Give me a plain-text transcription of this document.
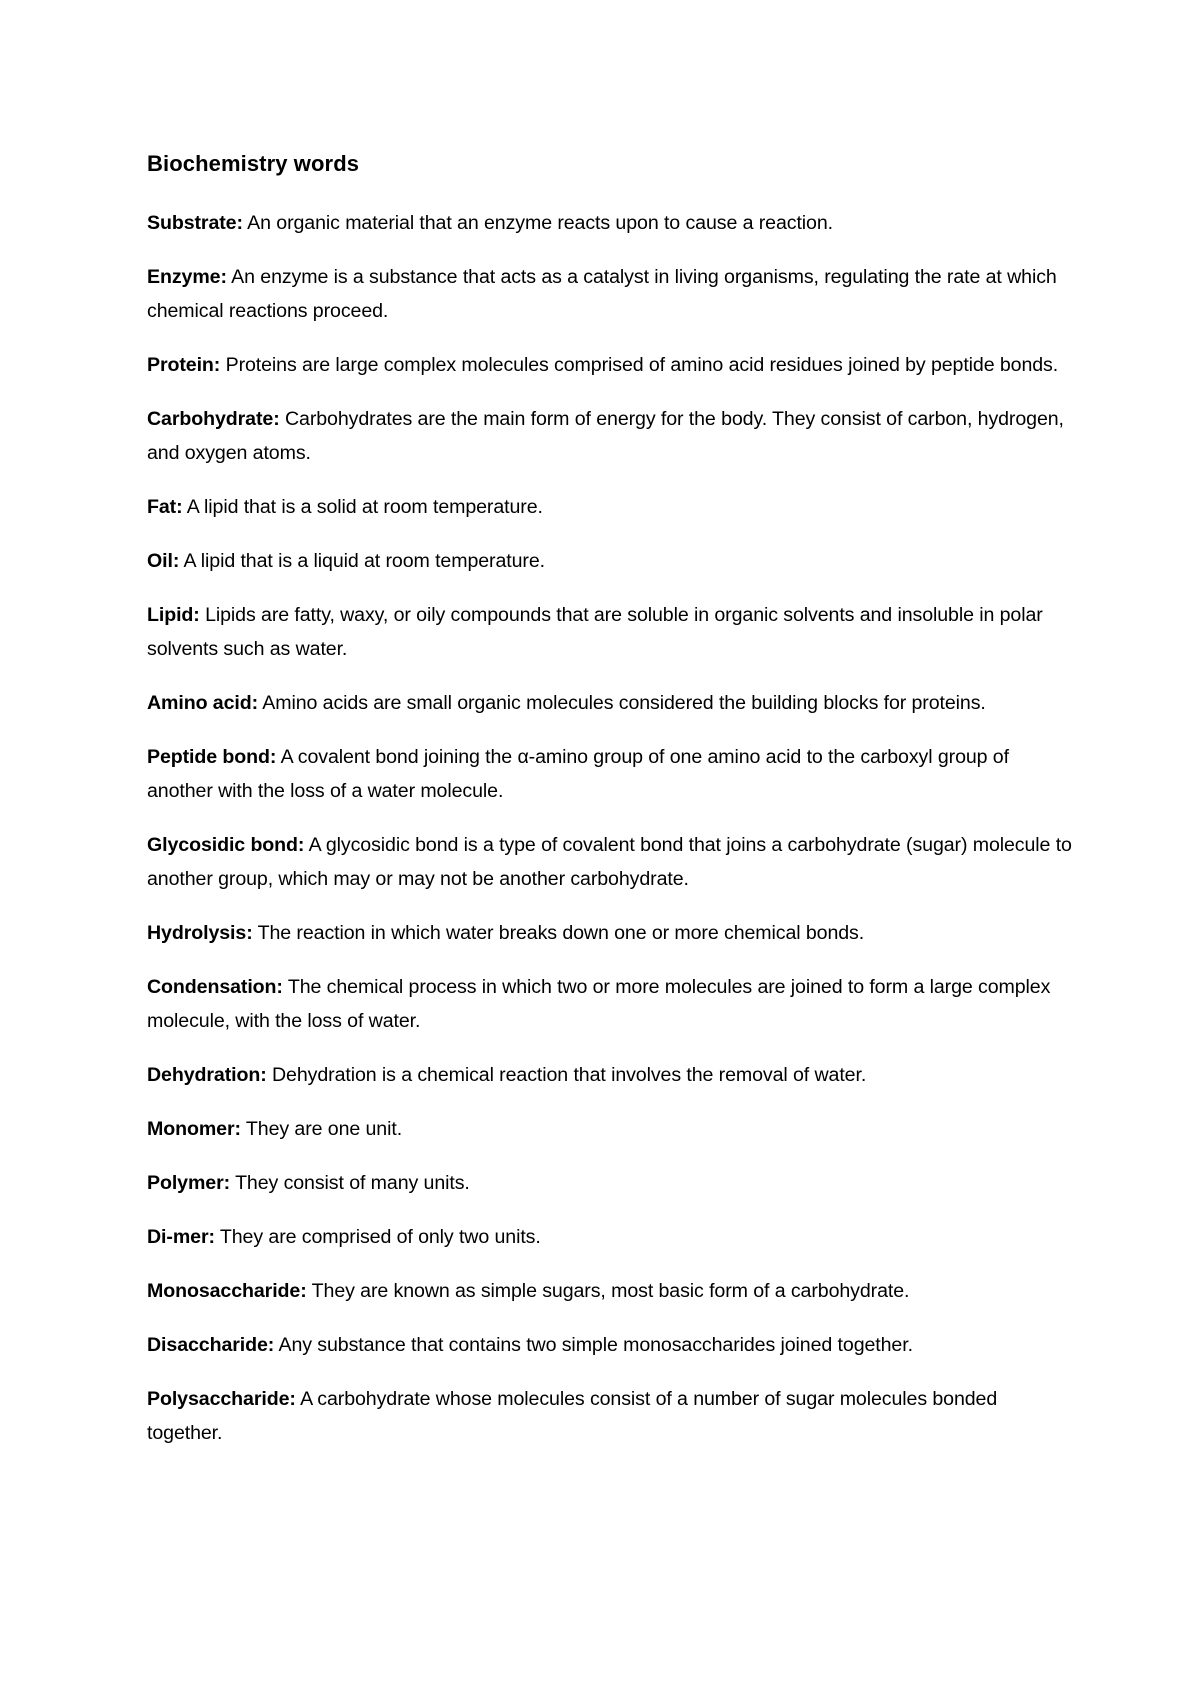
Biochemistry words

Substrate: An organic material that an enzyme reacts upon to cause a reaction.

Enzyme: An enzyme is a substance that acts as a catalyst in living organisms, regulating the rate at which chemical reactions proceed.

Protein: Proteins are large complex molecules comprised of amino acid residues joined by peptide bonds.

Carbohydrate: Carbohydrates are the main form of energy for the body. They consist of carbon, hydrogen, and oxygen atoms.

Fat: A lipid that is a solid at room temperature.

Oil: A lipid that is a liquid at room temperature.

Lipid: Lipids are fatty, waxy, or oily compounds that are soluble in organic solvents and insoluble in polar solvents such as water.

Amino acid: Amino acids are small organic molecules considered the building blocks for proteins.

Peptide bond: A covalent bond joining the α-amino group of one amino acid to the carboxyl group of another with the loss of a water molecule.

Glycosidic bond: A glycosidic bond is a type of covalent bond that joins a carbohydrate (sugar) molecule to another group, which may or may not be another carbohydrate.

Hydrolysis: The reaction in which water breaks down one or more chemical bonds.

Condensation: The chemical process in which two or more molecules are joined to form a large complex molecule, with the loss of water.

Dehydration: Dehydration is a chemical reaction that involves the removal of water.

Monomer: They are one unit.

Polymer: They consist of many units.

Di-mer: They are comprised of only two units.

Monosaccharide: They are known as simple sugars, most basic form of a carbohydrate.

Disaccharide: Any substance that contains two simple monosaccharides joined together.

Polysaccharide: A carbohydrate whose molecules consist of a number of sugar molecules bonded together.
